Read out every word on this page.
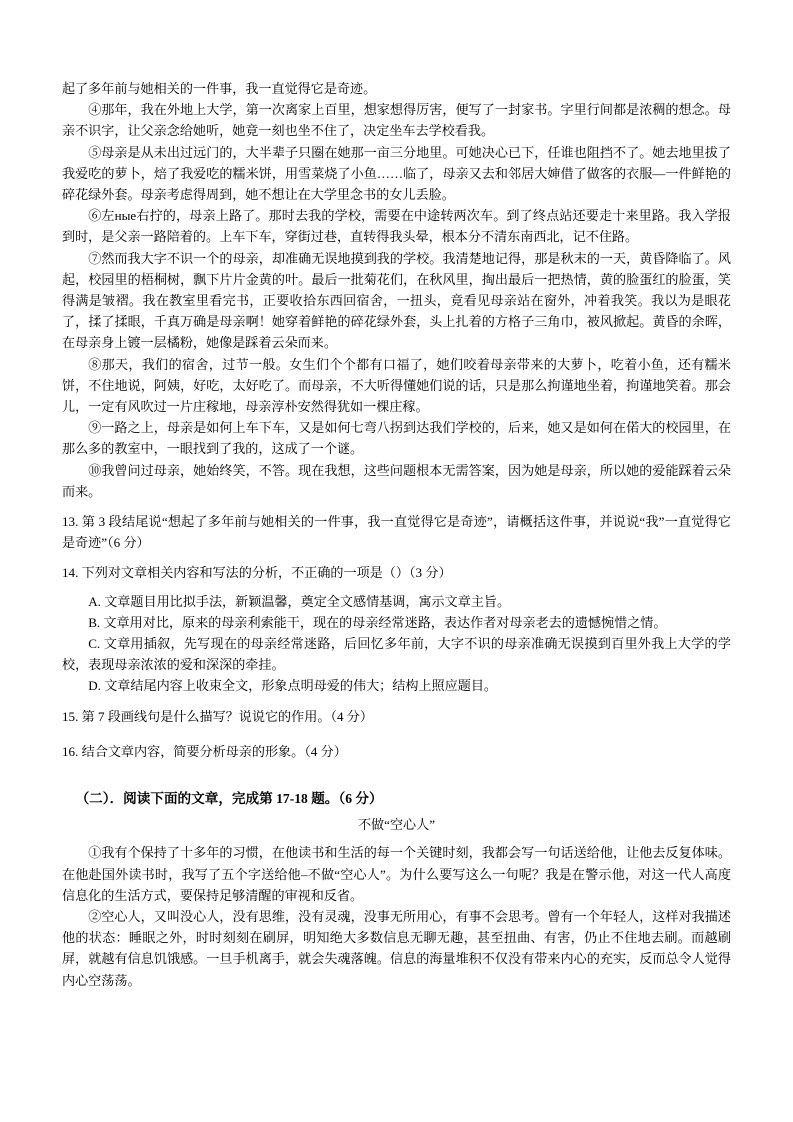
起了多年前与她相关的一件事，我一直觉得它是奇迹。

④那年，我在外地上大学，第一次离家上百里，想家想得厉害，便写了一封家书。字里行间都是浓稠的想念。母亲不识字，让父亲念给她听，她竟一刻也坐不住了，决定坐车去学校看我。

⑤母亲是从未出过远门的，大半辈子只圈在她那一亩三分地里。可她决心已下，任谁也阻挡不了。她去地里拔了我爱吃的萝卜，焙了我爱吃的糯米饼，用雪菜烧了小鱼……临了，母亲又去和邻居大婶借了做客的衣服—一件鲜艳的碎花绿外套。母亲考虑得周到，她不想让在大学里念书的女儿丢脸。

⑥左ные右拧的，母亲上路了。那时去我的学校，需要在中途转两次车。到了终点站还要走十来里路。我入学报到时，是父亲一路陪着的。上车下车，穿街过巷，直转得我头晕，根本分不清东南西北，记不住路。

⑦然而我大字不识一个的母亲，却准确无误地摸到我的学校。我清楚地记得，那是秋末的一天，黄昏降临了。风起，校园里的梧桐树，飘下片片金黄的叶。最后一批菊花们，在秋风里，掏出最后一把热情，黄的脸蛋红的脸蛋，笑得满是皱褶。我在教室里看完书，正要收拾东西回宿舍，一扭头，竟看见母亲站在窗外，冲着我笑。我以为是眼花了，揉了揉眼，千真万确是母亲啊！她穿着鲜艳的碎花绿外套，头上扎着的方格子三角巾，被风掀起。黄昏的余晖，在母亲身上镀一层橘粉，她像是踩着云朵而来。

⑧那天，我们的宿舍，过节一般。女生们个个都有口福了，她们咬着母亲带来的大萝卜，吃着小鱼，还有糯米饼，不住地说，阿姨，好吃，太好吃了。而母亲，不大听得懂她们说的话，只是那么拘谨地坐着，拘谨地笑着。那会儿，一定有风吹过一片庄稼地，母亲淳朴安然得犹如一棵庄稼。

⑨一路之上，母亲是如何上车下车，又是如何七弯八拐到达我们学校的，后来，她又是如何在偌大的校园里，在那么多的教室中，一眼找到了我的，这成了一个谜。

⑩我曾问过母亲，她始终笑，不答。现在我想，这些问题根本无需答案，因为她是母亲，所以她的爱能踩着云朵而来。

13. 第 3 段结尾说“想起了多年前与她相关的一件事，我一直觉得它是奇迹”，请概括这件事，并说说“我”一直觉得它是奇迹”（6 分）

14. 下列对文章相关内容和写法的分析，不正确的一项是（）（3 分）

A. 文章题目用比拟手法，新颖温馨，奠定全文感情基调，寓示文章主旨。

B. 文章用对比，原来的母亲利索能干，现在的母亲经常迷路，表达作者对母亲老去的遗憾惋惜之情。

C. 文章用插叙，先写现在的母亲经常迷路，后回忆多年前，大字不识的母亲准确无误摸到百里外我上大学的学校，表现母亲浓浓的爱和深深的牵挂。

D. 文章结尾内容上收束全文，形象点明母爱的伟大；结构上照应题目。

15. 第 7 段画线句是什么描写？说说它的作用。（4 分）

16. 结合文章内容，简要分析母亲的形象。（4 分）

（二）．阅读下面的文章，完成第 17-18 题。（6 分）

不做“空心人”

①我有个保持了十多年的习惯，在他读书和生活的每一个关键时刻，我都会写一句话送给他，让他去反复体味。在他赴国外读书时，我写了五个字送给他–不做“空心人”。为什么要写这么一句呢？我是在警示他，对这一代人高度信息化的生活方式，要保持足够清醒的审视和反省。

②空心人，又叫没心人，没有思维，没有灵魂，没事无所用心，有事不会思考。曾有一个年轻人，这样对我描述他的状态：睡眠之外，时时刻刻在刷屏，明知绝大多数信息无聊无趣，甚至扭曲、有害，仍止不住地去刷。而越刷屏，就越有信息饥饿感。一旦手机离手，就会失魂落魄。信息的海量堆积不仅没有带来内心的充实，反而总令人觉得内心空荡荡。
